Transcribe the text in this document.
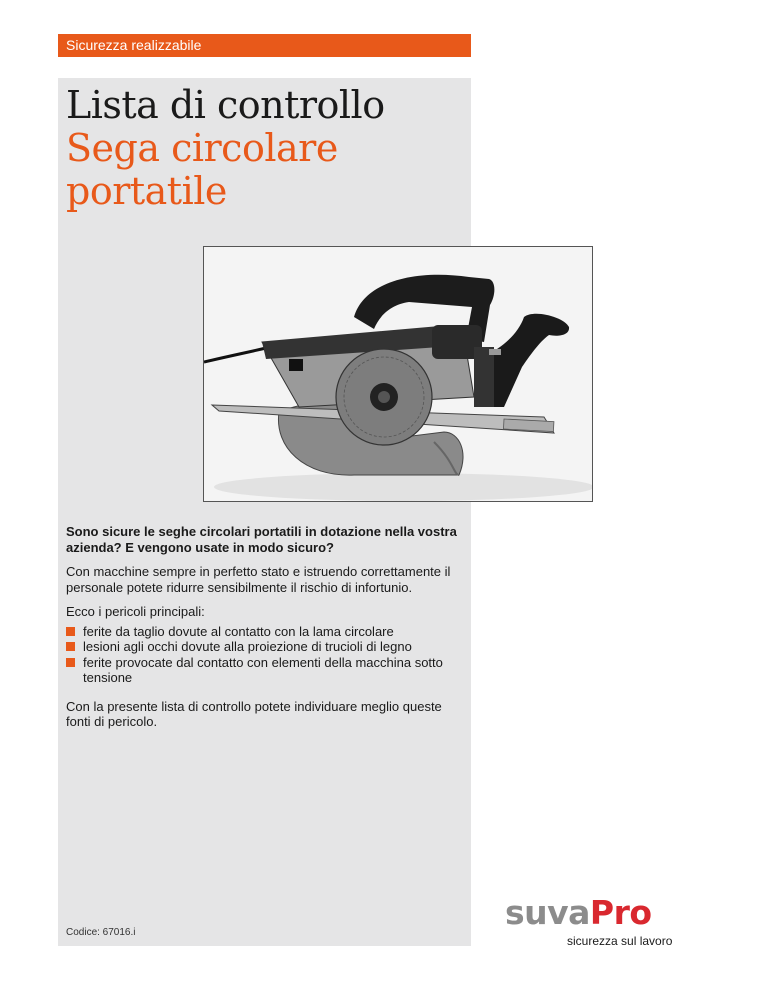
Sicurezza realizzabile
Lista di controllo
Sega circolare
portatile

Sono sicure le seghe circolari portatili in dotazione nella vostra azienda? E vengono usate in modo sicuro?

Con macchine sempre in perfetto stato e istruendo correttamente il personale potete ridurre sensibilmente il rischio di infortunio.

Ecco i pericoli principali:

ferite da taglio dovute al contatto con la lama circolare
lesioni agli occhi dovute alla proiezione di trucioli di legno
ferite provocate dal contatto con elementi della macchina sotto tensione

Con la presente lista di controllo potete individuare meglio queste fonti di pericolo.

Codice: 67016.i
suvaPro
sicurezza sul lavoro
